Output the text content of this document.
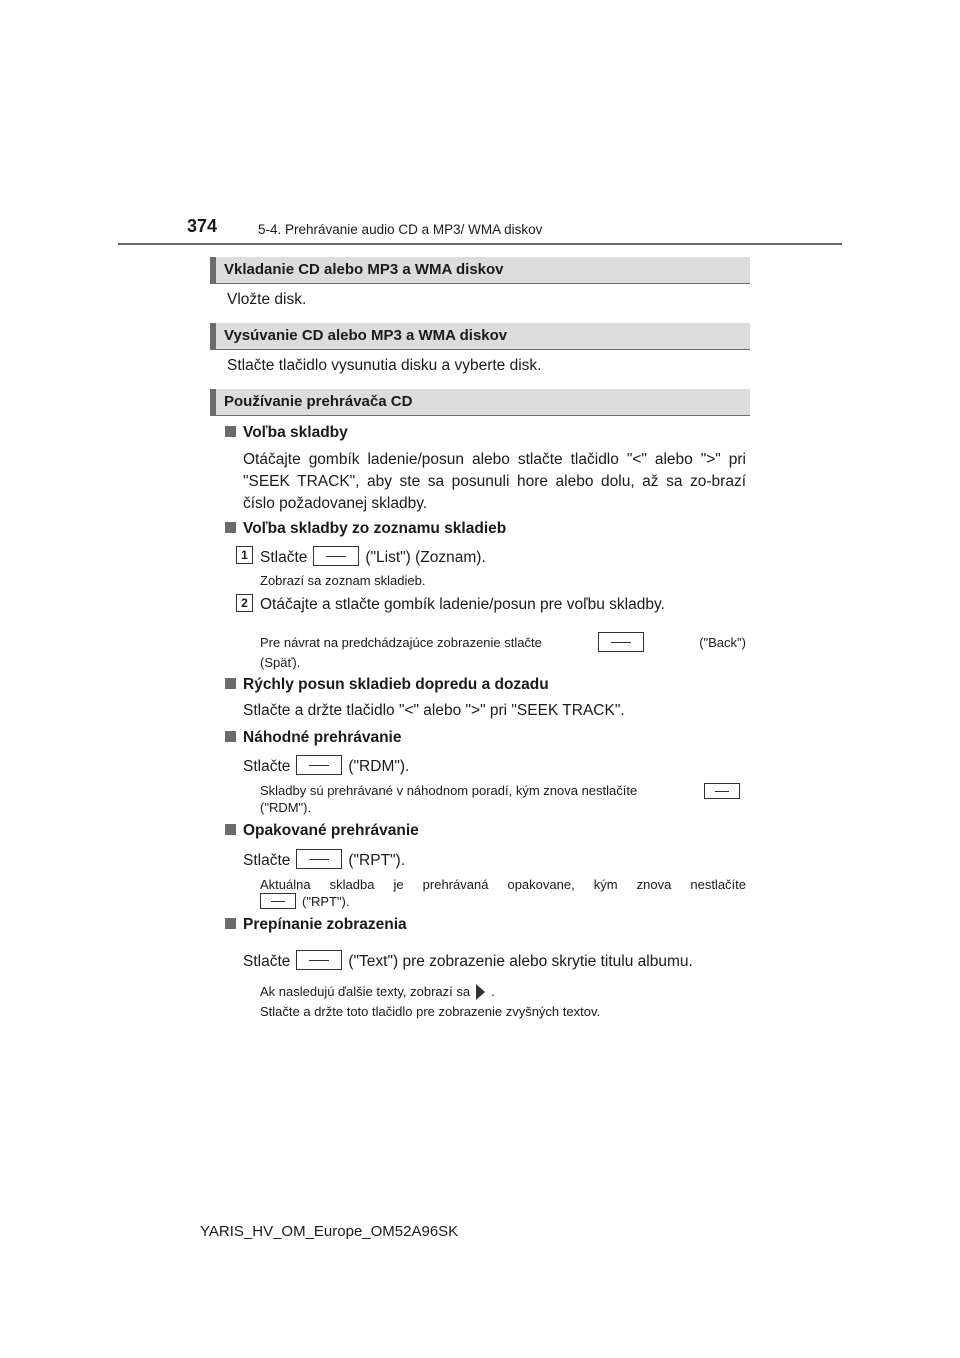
374	5-4. Prehrávanie audio CD a MP3/ WMA diskov
Vkladanie CD alebo MP3 a WMA diskov
Vložte disk.
Vysúvanie CD alebo MP3 a WMA diskov
Stlačte tlačidlo vysunutia disku a vyberte disk.
Používanie prehrávača CD
Voľba skladby
Otáčajte gombík ladenie/posun alebo stlačte tlačidlo "<" alebo ">" pri "SEEK TRACK", aby ste sa posunuli hore alebo dolu, až sa zo-brazí číslo požadovanej skladby.
Voľba skladby zo zoznamu skladieb
1 Stlačte	("List") (Zoznam).
Zobrazí sa zoznam skladieb.
2 Otáčajte a stlačte gombík ladenie/posun pre voľbu skladby.
Pre návrat na predchádzajúce zobrazenie stlačte	("Back")
(Späť).
Rýchly posun skladieb dopredu a dozadu
Stlačte a držte tlačidlo "<" alebo ">" pri "SEEK TRACK".
Náhodné prehrávanie
Stlačte	("RDM").
Skladby sú prehrávané v náhodnom poradí, kým znova nestlačíte
("RDM").
Opakované prehrávanie
Stlačte	("RPT").
Aktuálna skladba je prehrávaná opakovane, kým znova nestlačíte
("RPT").
Prepínanie zobrazenia
Stlačte	("Text") pre zobrazenie alebo skrytie titulu albumu.
Ak nasledujú ďalšie texty, zobrazí sa .
Stlačte a držte toto tlačidlo pre zobrazenie zvyšných textov.
YARIS_HV_OM_Europe_OM52A96SK
